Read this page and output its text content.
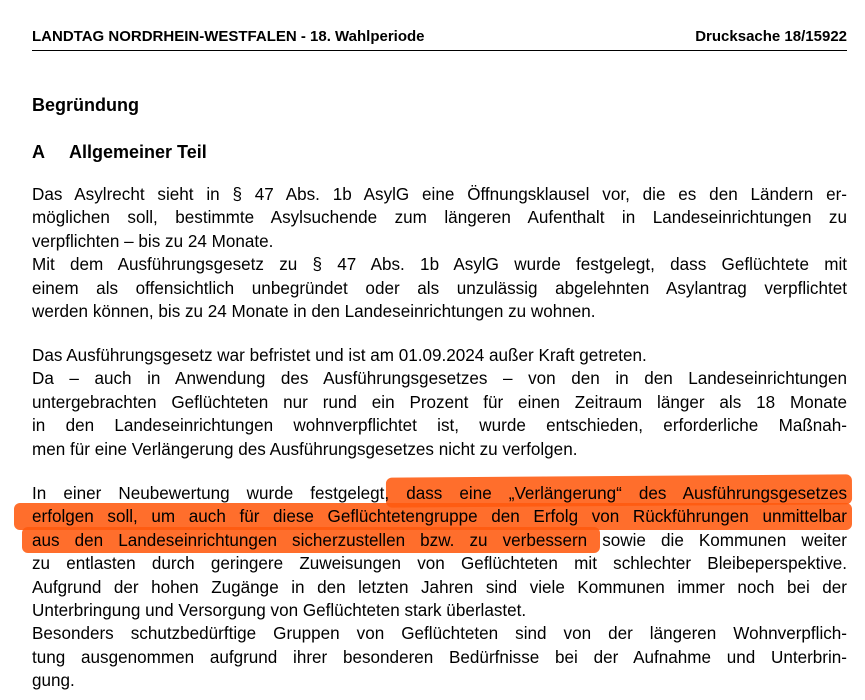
LANDTAG NORDRHEIN-WESTFALEN - 18. Wahlperiode	Drucksache 18/15922
Begründung
A Allgemeiner Teil
Das Asylrecht sieht in § 47 Abs. 1b AsylG eine Öffnungsklausel vor, die es den Ländern er-
möglichen soll, bestimmte Asylsuchende zum längeren Aufenthalt in Landeseinrichtungen zu
verpflichten – bis zu 24 Monate.
Mit dem Ausführungsgesetz zu § 47 Abs. 1b AsylG wurde festgelegt, dass Geflüchtete mit
einem als offensichtlich unbegründet oder als unzulässig abgelehnten Asylantrag verpflichtet
werden können, bis zu 24 Monate in den Landeseinrichtungen zu wohnen.
Das Ausführungsgesetz war befristet und ist am 01.09.2024 außer Kraft getreten.
Da – auch in Anwendung des Ausführungsgesetzes – von den in den Landeseinrichtungen
untergebrachten Geflüchteten nur rund ein Prozent für einen Zeitraum länger als 18 Monate
in den Landeseinrichtungen wohnverpflichtet ist, wurde entschieden, erforderliche Maßnah-
men für eine Verlängerung des Ausführungsgesetzes nicht zu verfolgen.
In einer Neubewertung wurde festgelegt, dass eine „Verlängerung“ des Ausführungsgesetzes
erfolgen soll, um auch für diese Geflüchtetengruppe den Erfolg von Rückführungen unmittelbar
aus den Landeseinrichtungen sicherzustellen bzw. zu verbessern sowie die Kommunen weiter
zu entlasten durch geringere Zuweisungen von Geflüchteten mit schlechter Bleibeperspektive.
Aufgrund der hohen Zugänge in den letzten Jahren sind viele Kommunen immer noch bei der
Unterbringung und Versorgung von Geflüchteten stark überlastet.
Besonders schutzbedürftige Gruppen von Geflüchteten sind von der längeren Wohnverpflich-
tung ausgenommen aufgrund ihrer besonderen Bedürfnisse bei der Aufnahme und Unterbrin-
gung.
